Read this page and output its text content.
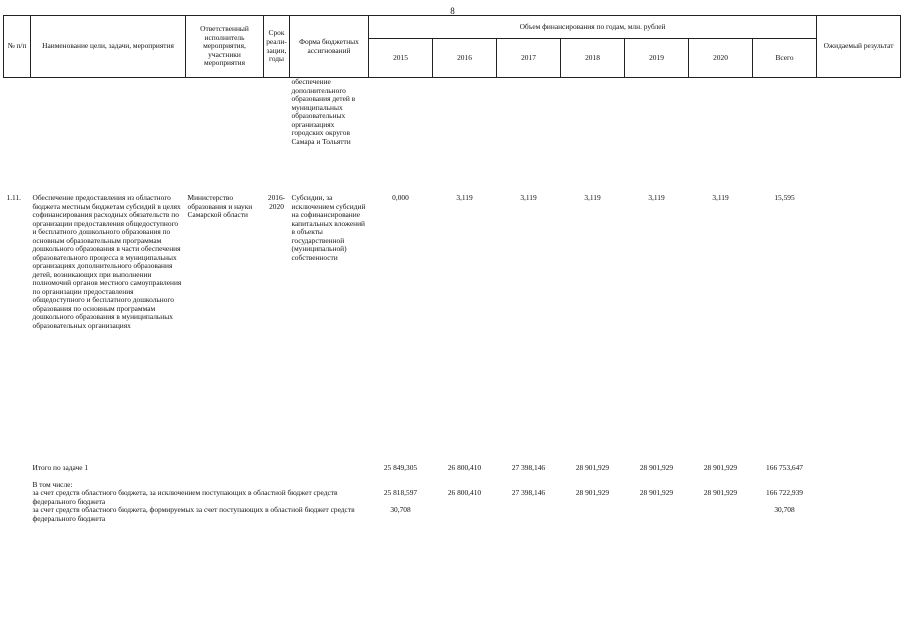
8
№ п/п	Наименование цели, задачи, мероприятия	Ответственный исполнитель мероприятия, участники мероприятия	Срок реали-зации, годы	Форма бюджетных ассигнований	Объем финансирования по годам, млн. рублей							Ожидаемый результат
					2015	2016	2017	2018	2019	2020	Всего	
				обеспечение дополнительного образования детей в муниципальных образовательных организациях городских округов Самара и Тольятти								
1.11.	Обеспечение предоставления из областного бюджета местным бюджетам субсидий в целях софинансирования расходных обязательств по организации предоставления общедоступного и бесплатного дошкольного образования по основным образовательным программам дошкольного образования в части обеспечения образовательного процесса в муниципальных организациях дополнительного образования детей, возникающих при выполнении полномочий органов местного самоуправления по организации предоставления общедоступного и бесплатного дошкольного образования по основным программам дошкольного образования в муниципальных образовательных организациях	Министерство образования и науки Самарской области	2016-2020	Субсидии, за исключением субсидий на софинансирование капитальных вложений в объекты государственной (муниципальной) собственности	0,000	3,119	3,119	3,119	3,119	3,119	15,595	
	Итого по задаче 1				25 849,305	26 800,410	27 398,146	28 901,929	28 901,929	28 901,929	166 753,647	

	В том числе:											
	за счет средств областного бюджета, за исключением поступающих в областной бюджет средств федерального бюджета				25 818,597	26 800,410	27 398,146	28 901,929	28 901,929	28 901,929	166 722,939	
	за счет средств областного бюджета, формируемых за счет поступающих в областной бюджет средств федерального бюджета				30,708						30,708	
